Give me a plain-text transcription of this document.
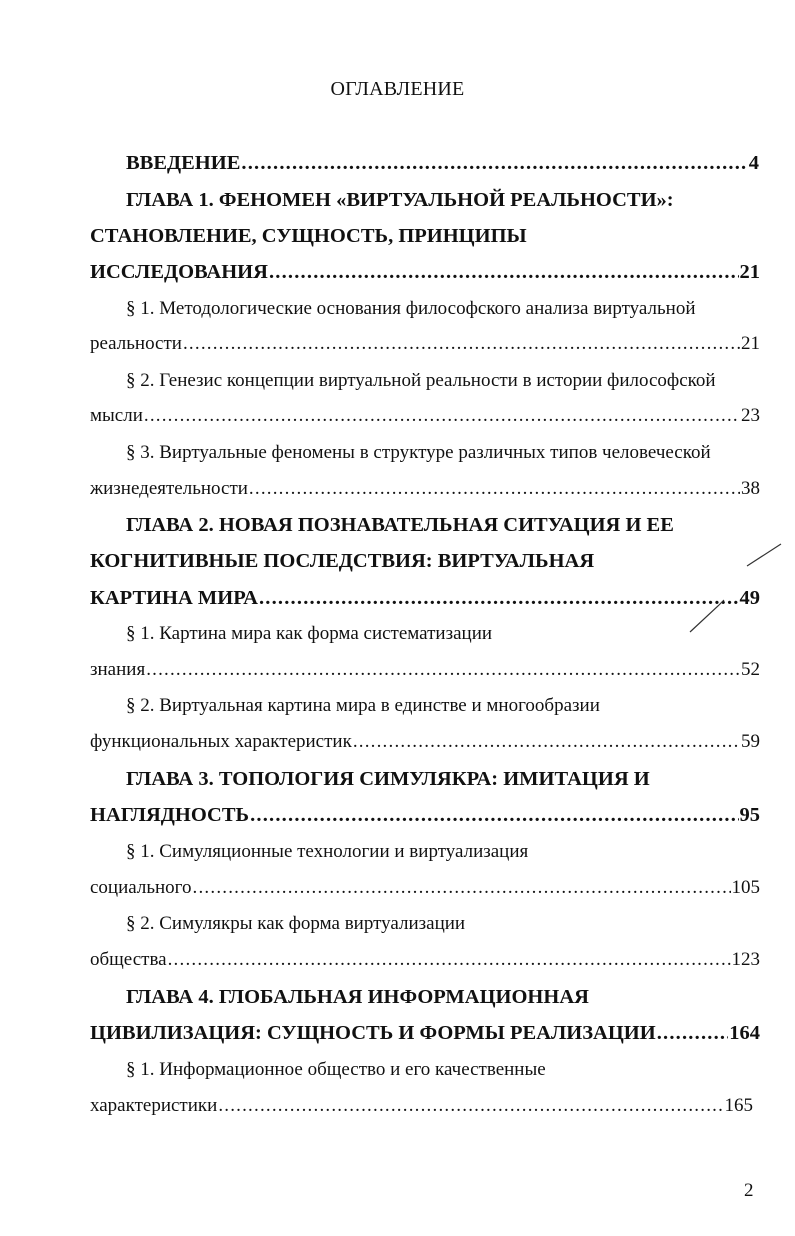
ОГЛАВЛЕНИЕ
ВВЕДЕНИЕ .....	4
ГЛАВА 1. ФЕНОМЕН «ВИРТУАЛЬНОЙ РЕАЛЬНОСТИ»:
СТАНОВЛЕНИЕ, СУЩНОСТЬ, ПРИНЦИПЫ
ИССЛЕДОВАНИЯ .....	21
§ 1. Методологические основания философского анализа виртуальной
реальности .....	21
§ 2. Генезис концепции виртуальной реальности в истории философской
мысли .....	23
§ 3. Виртуальные феномены в структуре различных типов человеческой
жизнедеятельности .....	38
ГЛАВА 2. НОВАЯ ПОЗНАВАТЕЛЬНАЯ СИТУАЦИЯ И ЕЕ
КОГНИТИВНЫЕ ПОСЛЕДСТВИЯ: ВИРТУАЛЬНАЯ
КАРТИНА МИРА .....	49
§ 1. Картина мира как форма систематизации
знания .....	52
§ 2. Виртуальная картина мира в единстве и многообразии
функциональных характеристик .....	59
ГЛАВА 3. ТОПОЛОГИЯ СИМУЛЯКРА: ИМИТАЦИЯ И
НАГЛЯДНОСТЬ .....	95
§ 1. Симуляционные технологии и виртуализация
социального .....	105
§ 2. Симулякры как форма виртуализации
общества .....	123
ГЛАВА 4. ГЛОБАЛЬНАЯ ИНФОРМАЦИОННАЯ
ЦИВИЛИЗАЦИЯ: СУЩНОСТЬ И ФОРМЫ РЕАЛИЗАЦИИ .....	164
§ 1. Информационное общество и его качественные
характеристики .....	165
2
